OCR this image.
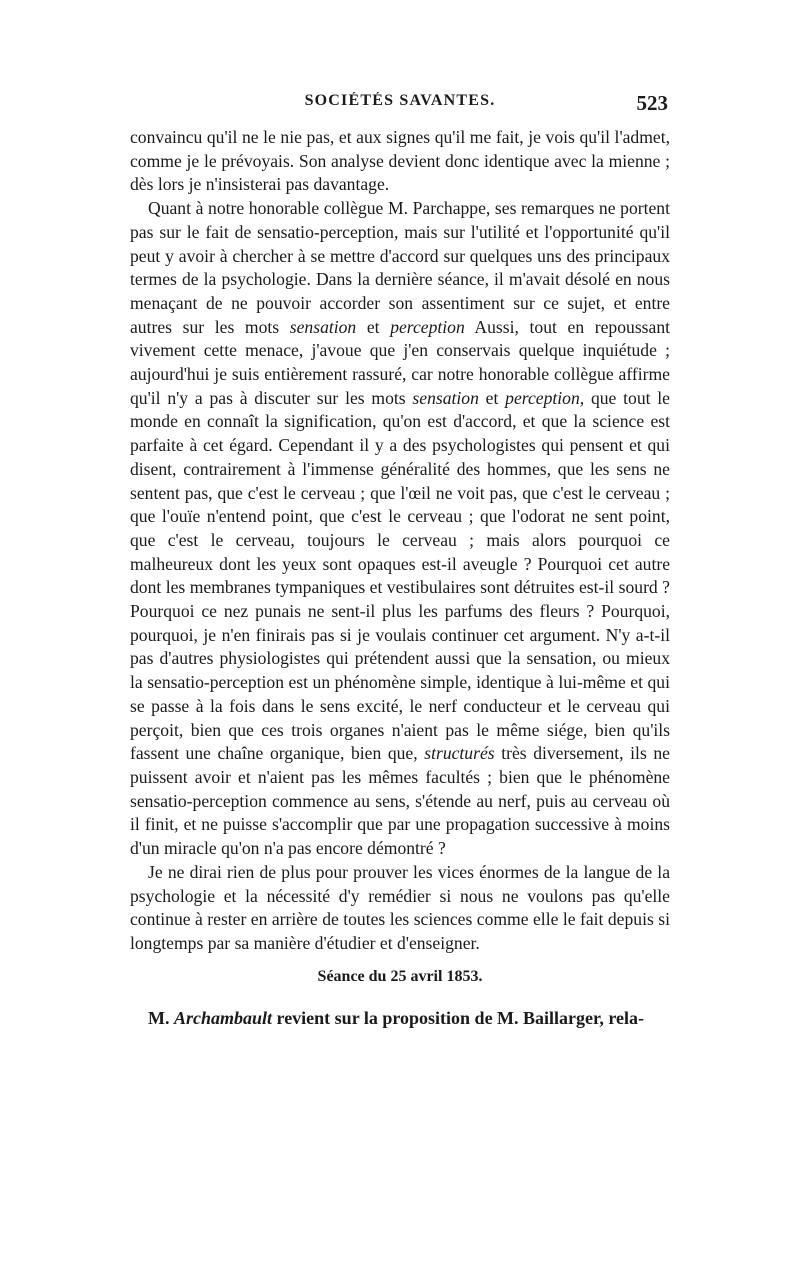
SOCIÉTÉS SAVANTES.	523

convaincu qu'il ne le nie pas, et aux signes qu'il me fait, je vois qu'il l'admet, comme je le prévoyais. Son analyse devient donc identique avec la mienne ; dès lors je n'insisterai pas davantage.

Quant à notre honorable collègue M. Parchappe, ses remarques ne portent pas sur le fait de sensatio-perception, mais sur l'utilité et l'opportunité qu'il peut y avoir à chercher à se mettre d'accord sur quelques uns des principaux termes de la psychologie. Dans la dernière séance, il m'avait désolé en nous menaçant de ne pouvoir accorder son assentiment sur ce sujet, et entre autres sur les mots sensation et perception Aussi, tout en repoussant vivement cette menace, j'avoue que j'en conservais quelque inquiétude ; aujourd'hui je suis entièrement rassuré, car notre honorable collègue affirme qu'il n'y a pas à discuter sur les mots sensation et perception, que tout le monde en connaît la signification, qu'on est d'accord, et que la science est parfaite à cet égard. Cependant il y a des psychologistes qui pensent et qui disent, contrairement à l'immense généralité des hommes, que les sens ne sentent pas, que c'est le cerveau ; que l'œil ne voit pas, que c'est le cerveau ; que l'ouïe n'entend point, que c'est le cerveau ; que l'odorat ne sent point, que c'est le cerveau, toujours le cerveau ; mais alors pourquoi ce malheureux dont les yeux sont opaques est-il aveugle ? Pourquoi cet autre dont les membranes tympaniques et vestibulaires sont détruites est-il sourd ? Pourquoi ce nez punais ne sent-il plus les parfums des fleurs ? Pourquoi, pourquoi, je n'en finirais pas si je voulais continuer cet argument. N'y a-t-il pas d'autres physiologistes qui prétendent aussi que la sensation, ou mieux la sensatio-perception est un phénomène simple, identique à lui-même et qui se passe à la fois dans le sens excité, le nerf conducteur et le cerveau qui perçoit, bien que ces trois organes n'aient pas le même siége, bien qu'ils fassent une chaîne organique, bien que, structurés très diversement, ils ne puissent avoir et n'aient pas les mêmes facultés ; bien que le phénomène sensatio-perception commence au sens, s'étende au nerf, puis au cerveau où il finit, et ne puisse s'accomplir que par une propagation successive à moins d'un miracle qu'on n'a pas encore démontré ?

Je ne dirai rien de plus pour prouver les vices énormes de la langue de la psychologie et la nécessité d'y remédier si nous ne voulons pas qu'elle continue à rester en arrière de toutes les sciences comme elle le fait depuis si longtemps par sa manière d'étudier et d'enseigner.

Séance du 25 avril 1853.
M. Archambault revient sur la proposition de M. Baillarger, rela-
